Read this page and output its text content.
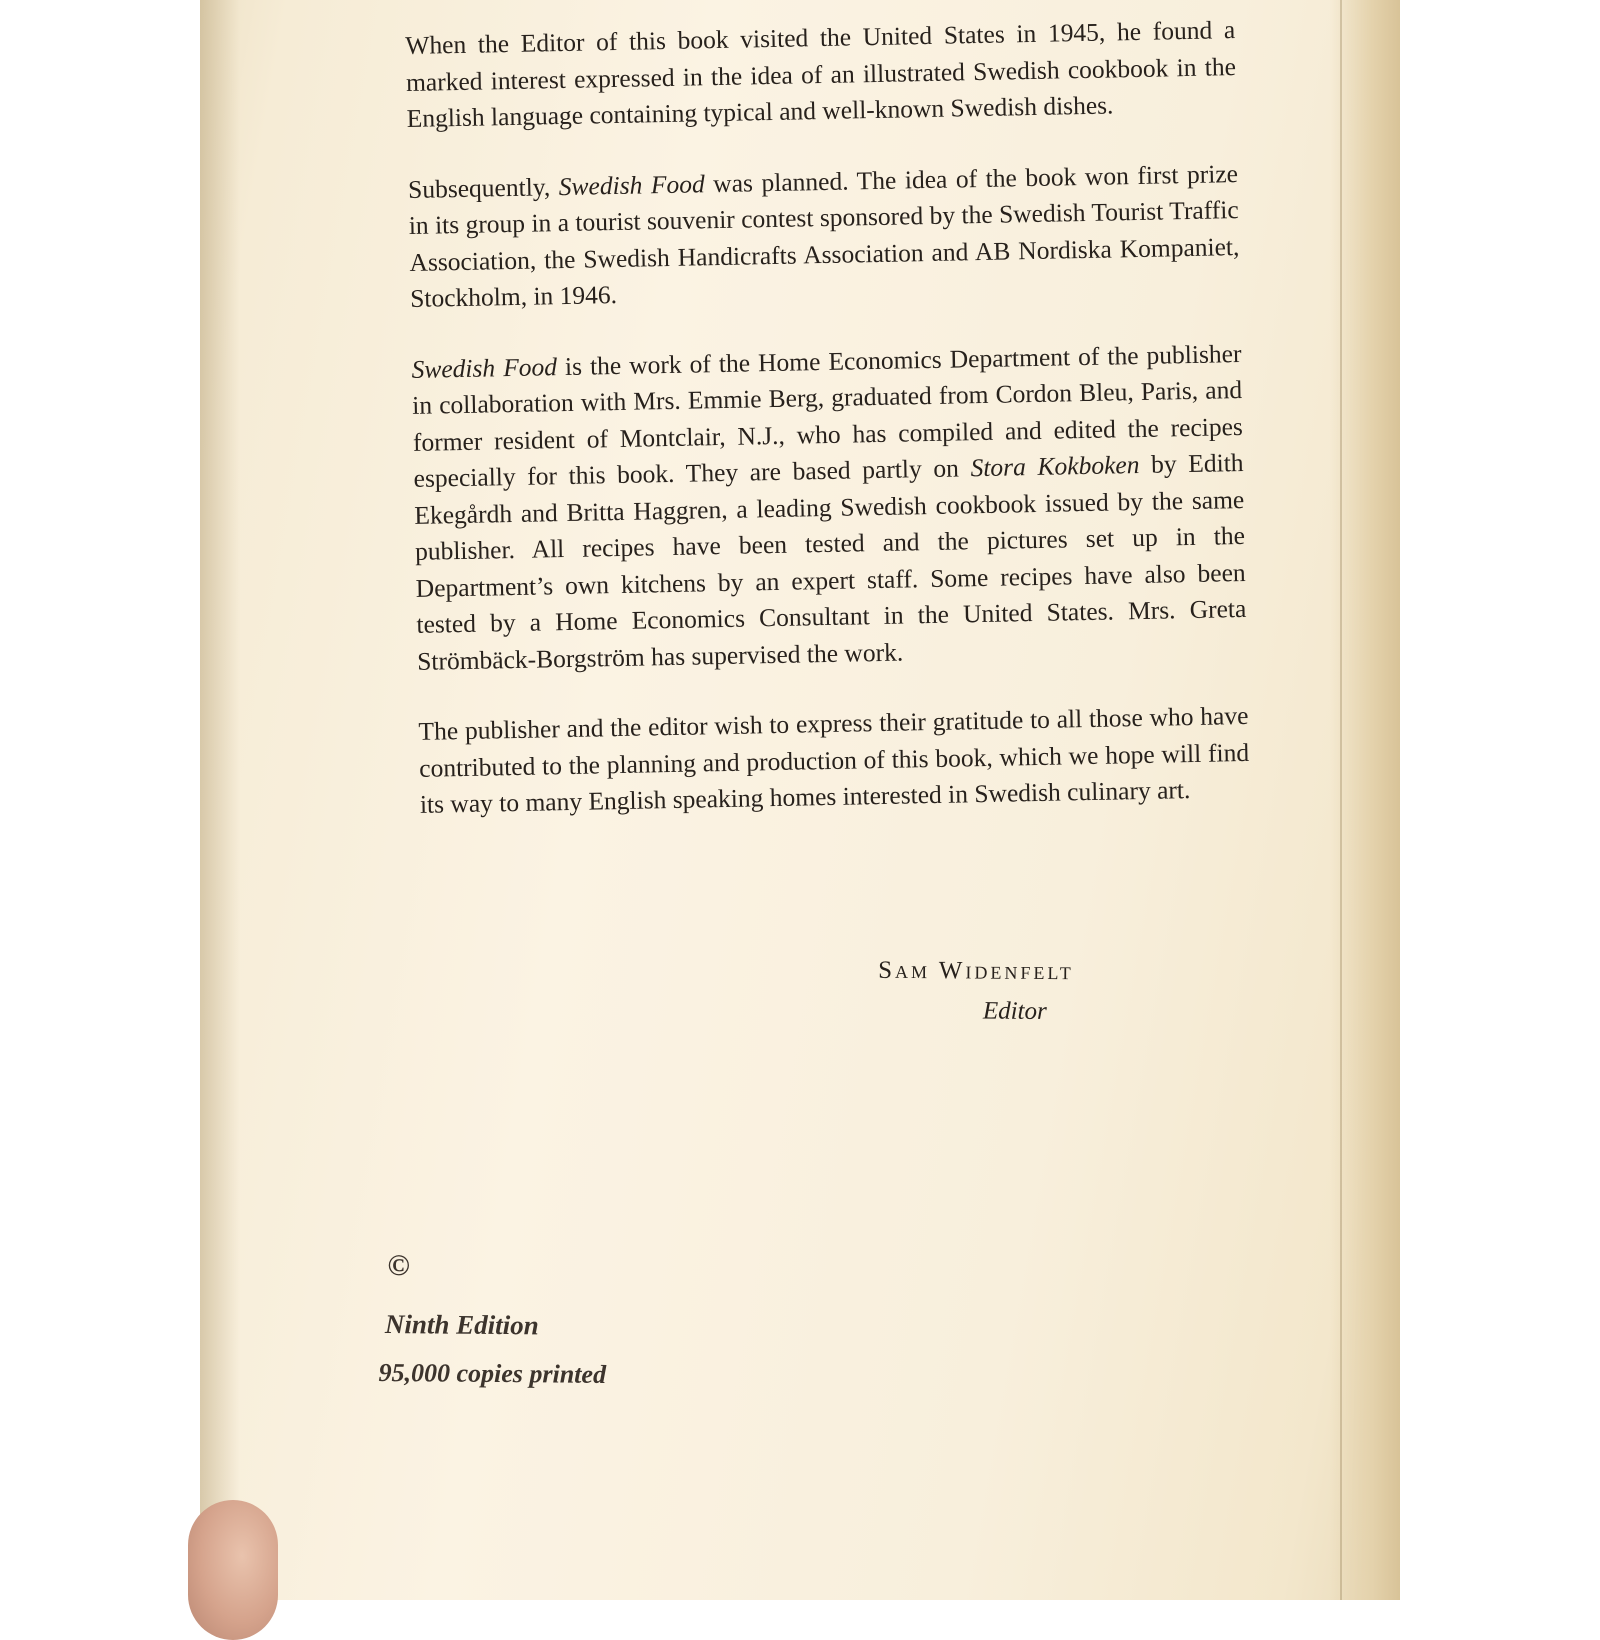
When the Editor of this book visited the United States in 1945, he found a marked interest expressed in the idea of an illustrated Swedish cookbook in the English language containing typical and well-known Swedish dishes.

Subsequently, Swedish Food was planned. The idea of the book won first prize in its group in a tourist souvenir contest sponsored by the Swedish Tourist Traffic Association, the Swedish Handicrafts Association and AB Nordiska Kompaniet, Stockholm, in 1946.

Swedish Food is the work of the Home Economics Department of the publisher in collaboration with Mrs. Emmie Berg, graduated from Cordon Bleu, Paris, and former resident of Montclair, N.J., who has compiled and edited the recipes especially for this book. They are based partly on Stora Kokboken by Edith Ekegårdh and Britta Haggren, a leading Swedish cookbook issued by the same publisher. All recipes have been tested and the pictures set up in the Department’s own kitchens by an expert staff. Some recipes have also been tested by a Home Economics Consultant in the United States. Mrs. Greta Strömbäck-Borgström has supervised the work.

The publisher and the editor wish to express their gratitude to all those who have contributed to the planning and production of this book, which we hope will find its way to many English speaking homes interested in Swedish culinary art.

Sam Widenfelt
Editor
©
Ninth Edition
95,000 copies printed
